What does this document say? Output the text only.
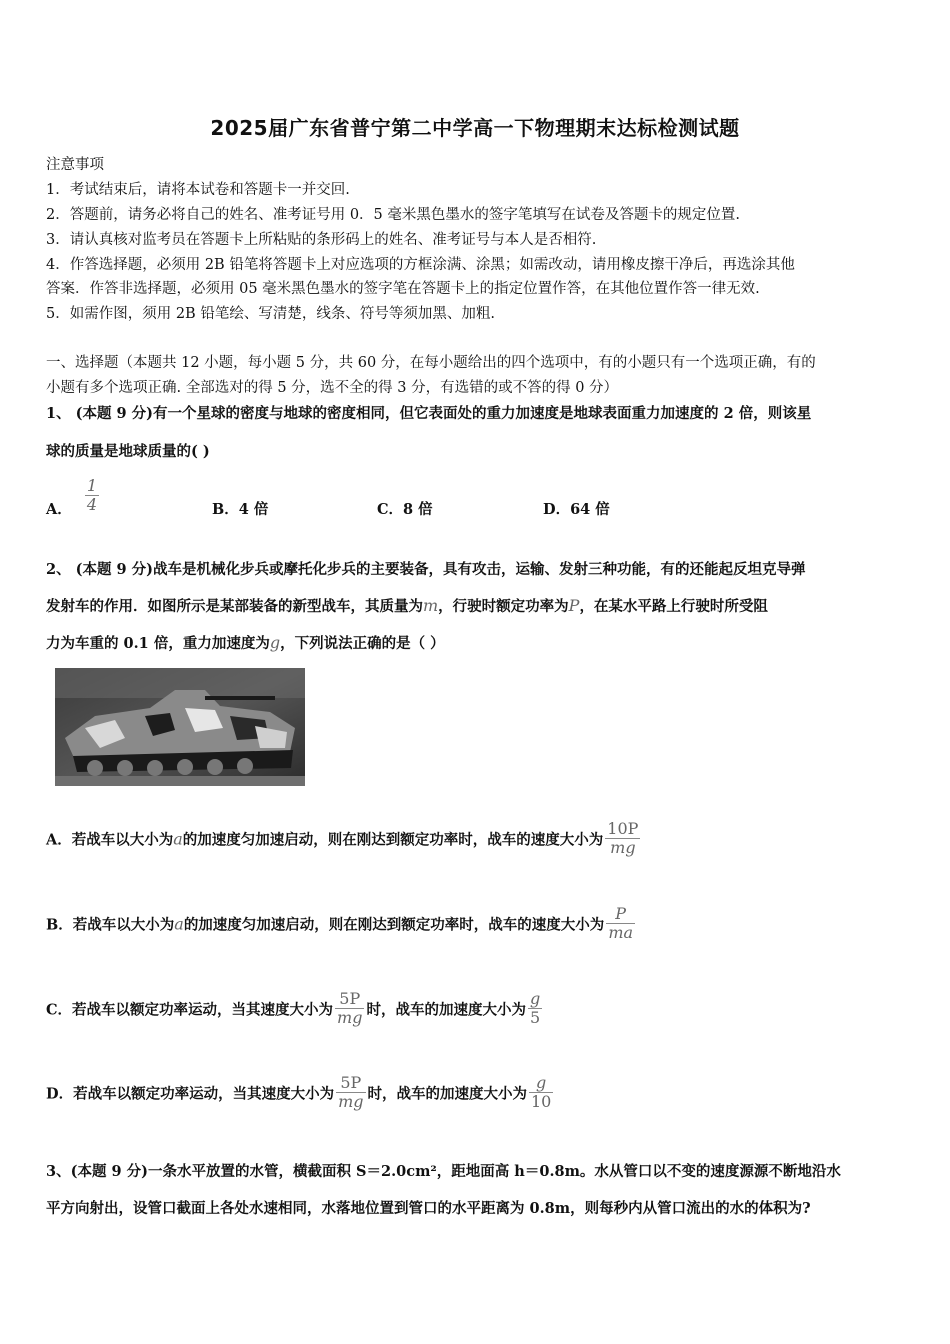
2025届广东省普宁第二中学高一下物理期末达标检测试题
注意事项
1．考试结束后，请将本试卷和答题卡一并交回.
2．答题前，请务必将自己的姓名、准考证号用 0．5 毫米黑色墨水的签字笔填写在试卷及答题卡的规定位置.
3．请认真核对监考员在答题卡上所粘贴的条形码上的姓名、准考证号与本人是否相符.
4．作答选择题，必须用 2B 铅笔将答题卡上对应选项的方框涂满、涂黑；如需改动，请用橡皮擦干净后，再选涂其他
答案．作答非选择题，必须用 05 毫米黑色墨水的签字笔在答题卡上的指定位置作答，在其他位置作答一律无效.
5．如需作图，须用 2B 铅笔绘、写清楚，线条、符号等须加黑、加粗.
一、选择题（本题共 12 小题，每小题 5 分，共 60 分，在每小题给出的四个选项中，有的小题只有一个选项正确，有的
小题有多个选项正确. 全部选对的得 5 分，选不全的得 3 分，有选错的或不答的得 0 分）
1、 (本题 9 分)有一个星球的密度与地球的密度相同，但它表面处的重力加速度是地球表面重力加速度的 2 倍，则该星
球的质量是地球质量的( )
A． $\frac{1}{4}$	B．4 倍	C．8 倍	D．64 倍
2、 (本题 9 分)战车是机械化步兵或摩托化步兵的主要装备，具有攻击，运输、发射三种功能，有的还能起反坦克导弹
发射车的作用．如图所示是某部装备的新型战车，其质量为m，行驶时额定功率为P，在某水平路上行驶时所受阻
力为车重的 0.1 倍，重力加速度为g，下列说法正确的是（ ）
A．若战车以大小为a的加速度匀加速启动，则在刚达到额定功率时，战车的速度大小为 $\frac{10P}{mg}$
B．若战车以大小为a的加速度匀加速启动，则在刚达到额定功率时，战车的速度大小为 $\frac{P}{ma}$
C．若战车以额定功率运动，当其速度大小为 $\frac{5P}{mg}$ 时，战车的加速度大小为 $\frac{g}{5}$
D．若战车以额定功率运动，当其速度大小为 $\frac{5P}{mg}$ 时，战车的加速度大小为 $\frac{g}{10}$
3、(本题 9 分)一条水平放置的水管，横截面积 S＝2.0cm²，距地面高 h＝0.8m。水从管口以不变的速度源源不断地沿水
平方向射出，设管口截面上各处水速相同，水落地位置到管口的水平距离为 0.8m，则每秒内从管口流出的水的体积为?
